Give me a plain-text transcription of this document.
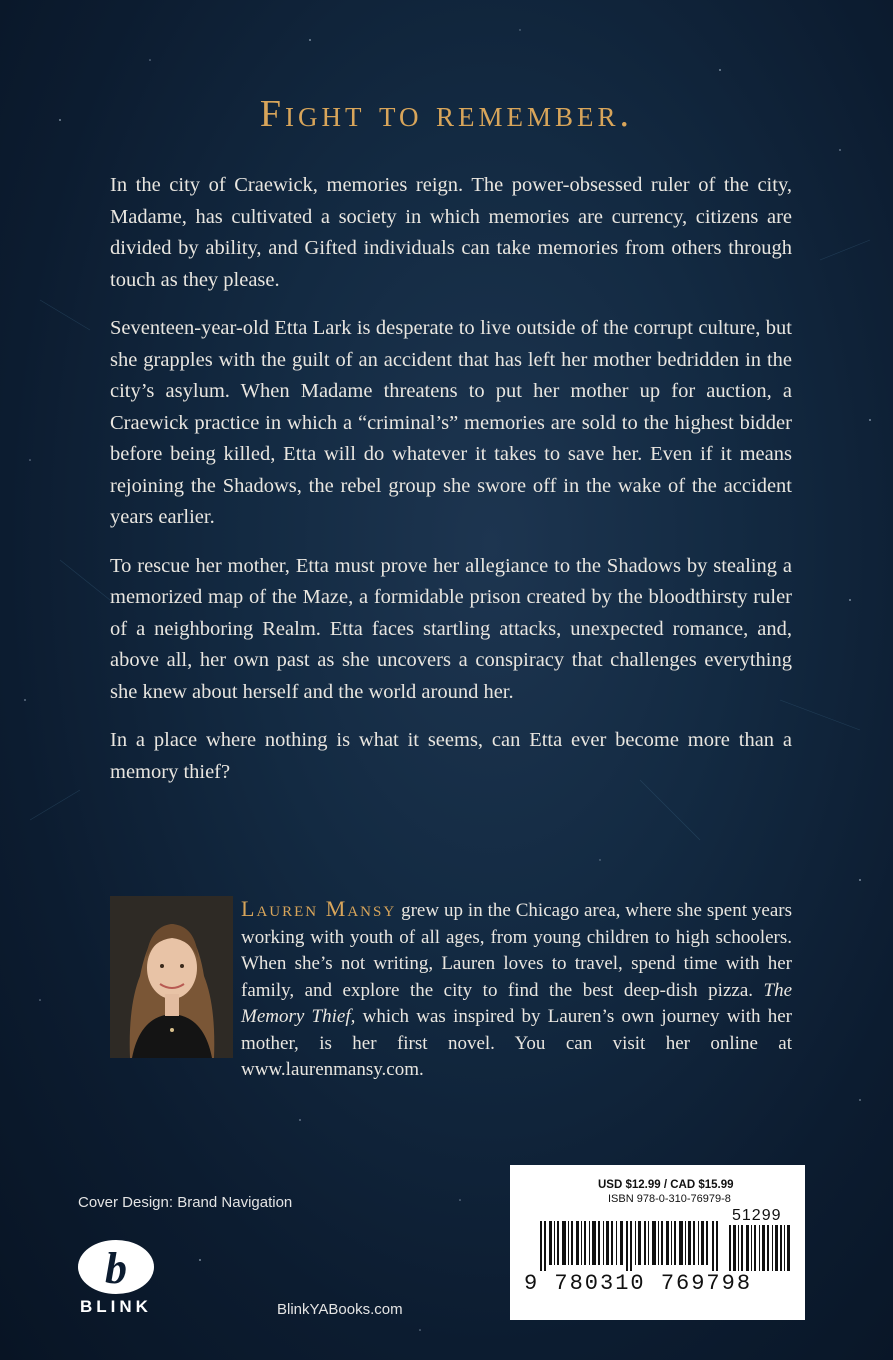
Fight to remember.

In the city of Craewick, memories reign. The power-obsessed ruler of the city, Madame, has cultivated a society in which memories are currency, citizens are divided by ability, and Gifted individuals can take memories from others through touch as they please.

Seventeen-year-old Etta Lark is desperate to live outside of the corrupt culture, but she grapples with the guilt of an accident that has left her mother bedridden in the city’s asylum. When Madame threatens to put her mother up for auction, a Craewick practice in which a “criminal’s” memories are sold to the highest bidder before being killed, Etta will do whatever it takes to save her. Even if it means rejoining the Shadows, the rebel group she swore off in the wake of the accident years earlier.

To rescue her mother, Etta must prove her allegiance to the Shadows by stealing a memorized map of the Maze, a formidable prison created by the bloodthirsty ruler of a neighboring Realm. Etta faces startling attacks, unexpected romance, and, above all, her own past as she uncovers a conspiracy that challenges everything she knew about herself and the world around her.

In a place where nothing is what it seems, can Etta ever become more than a memory thief?

Lauren Mansy grew up in the Chicago area, where she spent years working with youth of all ages, from young children to high schoolers. When she’s not writing, Lauren loves to travel, spend time with her family, and explore the city to find the best deep-dish pizza. The Memory Thief, which was inspired by Lauren’s own journey with her mother, is her first novel. You can visit her online at www.laurenmansy.com.
Cover Design: Brand Navigation
b
BLINK	BlinkYABooks.com
USD $12.99 / CAD $15.99
ISBN 978-0-310-76979-8
51299
9 780310 769798
